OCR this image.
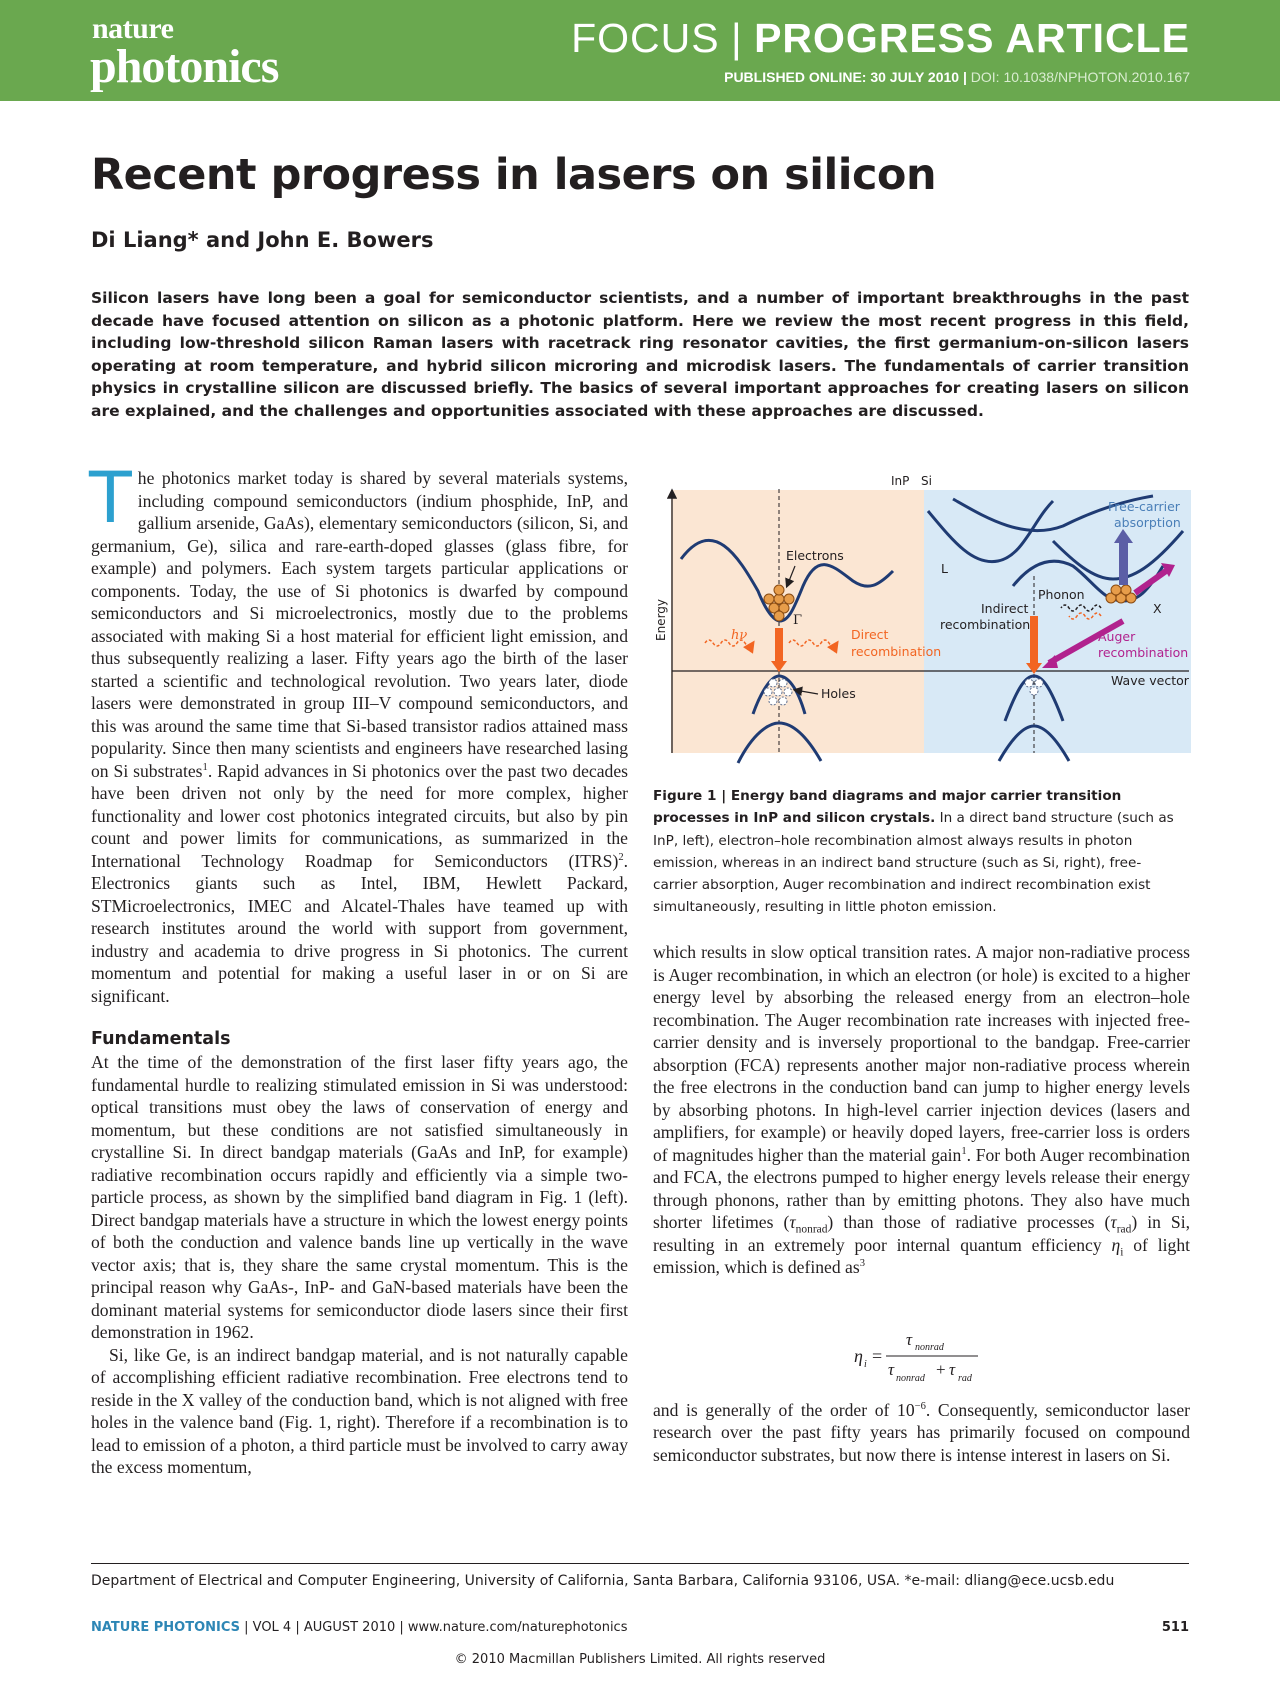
nature
photonics
FOCUS | PROGRESS ARTICLE
PUBLISHED ONLINE: 30 JULY 2010 | DOI: 10.1038/NPHOTON.2010.167
Recent progress in lasers on silicon
Di Liang* and John E. Bowers

Silicon lasers have long been a goal for semiconductor scientists, and a number of important breakthroughs in the past decade have focused attention on silicon as a photonic platform. Here we review the most recent progress in this field, including low-threshold silicon Raman lasers with racetrack ring resonator cavities, the first germanium-on-silicon lasers operating at room temperature, and hybrid silicon microring and microdisk lasers. The fundamentals of carrier transition physics in crystalline silicon are discussed briefly. The basics of several important approaches for creating lasers on silicon are explained, and the challenges and opportunities associated with these approaches are discussed.

The photonics market today is shared by several materials systems, including compound semiconductors (indium phosphide, InP, and gallium arsenide, GaAs), elementary semiconductors (silicon, Si, and germanium, Ge), silica and rare-earth-doped glasses (glass fibre, for example) and polymers. Each system targets particular applications or components. Today, the use of Si photonics is dwarfed by compound semiconductors and Si microelectronics, mostly due to the problems associated with making Si a host material for efficient light emission, and thus subsequently realizing a laser. Fifty years ago the birth of the laser started a scientific and technological revolution. Two years later, diode lasers were demonstrated in group III–V compound semiconductors, and this was around the same time that Si-based transistor radios attained mass popularity. Since then many scientists and engineers have researched lasing on Si substrates$^1$. Rapid advances in Si photonics over the past two decades have been driven not only by the need for more complex, higher functionality and lower cost photonics integrated circuits, but also by pin count and power limits for communications, as summarized in the International Technology Roadmap for Semiconductors (ITRS)$^2$. Electronics giants such as Intel, IBM, Hewlett Packard, STMicroelectronics, IMEC and Alcatel-Thales have teamed up with research institutes around the world with support from government, industry and academia to drive progress in Si photonics. The current momentum and potential for making a useful laser in or on Si are significant.

Fundamentals

At the time of the demonstration of the first laser fifty years ago, the fundamental hurdle to realizing stimulated emission in Si was understood: optical transitions must obey the laws of conservation of energy and momentum, but these conditions are not satisfied simultaneously in crystalline Si. In direct bandgap materials (GaAs and InP, for example) radiative recombination occurs rapidly and efficiently via a simple two-particle process, as shown by the simplified band diagram in Fig. 1 (left). Direct bandgap materials have a structure in which the lowest energy points of both the conduction and valence bands line up vertically in the wave vector axis; that is, they share the same crystal momentum. This is the principal reason why GaAs-, InP- and GaN-based materials have been the dominant material systems for semiconductor diode lasers since their first demonstration in 1962.

Si, like Ge, is an indirect bandgap material, and is not naturally capable of accomplishing efficient radiative recombination. Free electrons tend to reside in the X valley of the conduction band, which is not aligned with free holes in the valence band (Fig. 1, right). Therefore if a recombination is to lead to emission of a photon, a third particle must be involved to carry away the excess momentum,

Energy
InP Si
hν	Direct
recombination
Electrons
Γ
Holes
L
X
Indirect
recombination
Phonon
Free-carrier
absorption
Auger
recombination
Wave vector
Figure 1 | Energy band diagrams and major carrier transition processes in InP and silicon crystals. In a direct band structure (such as InP, left), electron–hole recombination almost always results in photon emission, whereas in an indirect band structure (such as Si, right), free-carrier absorption, Auger recombination and indirect recombination exist simultaneously, resulting in little photon emission.

which results in slow optical transition rates. A major non-radiative process is Auger recombination, in which an electron (or hole) is excited to a higher energy level by absorbing the released energy from an electron–hole recombination. The Auger recombination rate increases with injected free-carrier density and is inversely proportional to the bandgap. Free-carrier absorption (FCA) represents another major non-radiative process wherein the free electrons in the conduction band can jump to higher energy levels by absorbing photons. In high-level carrier injection devices (lasers and amplifiers, for example) or heavily doped layers, free-carrier loss is orders of magnitudes higher than the material gain$^1$. For both Auger recombination and FCA, the electrons pumped to higher energy levels release their energy through phonons, rather than by emitting photons. They also have much shorter lifetimes $(\tau_{nonrad})$ than those of radiative processes $(\tau_{rad})$ in Si, resulting in an extremely poor internal quantum efficiency $\eta_i$ of light emission, which is defined $as^3$

and is generally of the order of $10^{-6}$. Consequently, semiconductor laser research over the past fifty years has primarily focused on compound semiconductor substrates, but now there is intense interest in lasers on Si.

η i =
τ nonrad
τ nonrad + τ rad
Department of Electrical and Computer Engineering, University of California, Santa Barbara, California 93106, USA. *e-mail: dliang@ece.ucsb.edu
NATURE PHOTONICS | VOL 4 | AUGUST 2010 | www.nature.com/naturephotonics	511
© 2010 Macmillan Publishers Limited. All rights reserved
